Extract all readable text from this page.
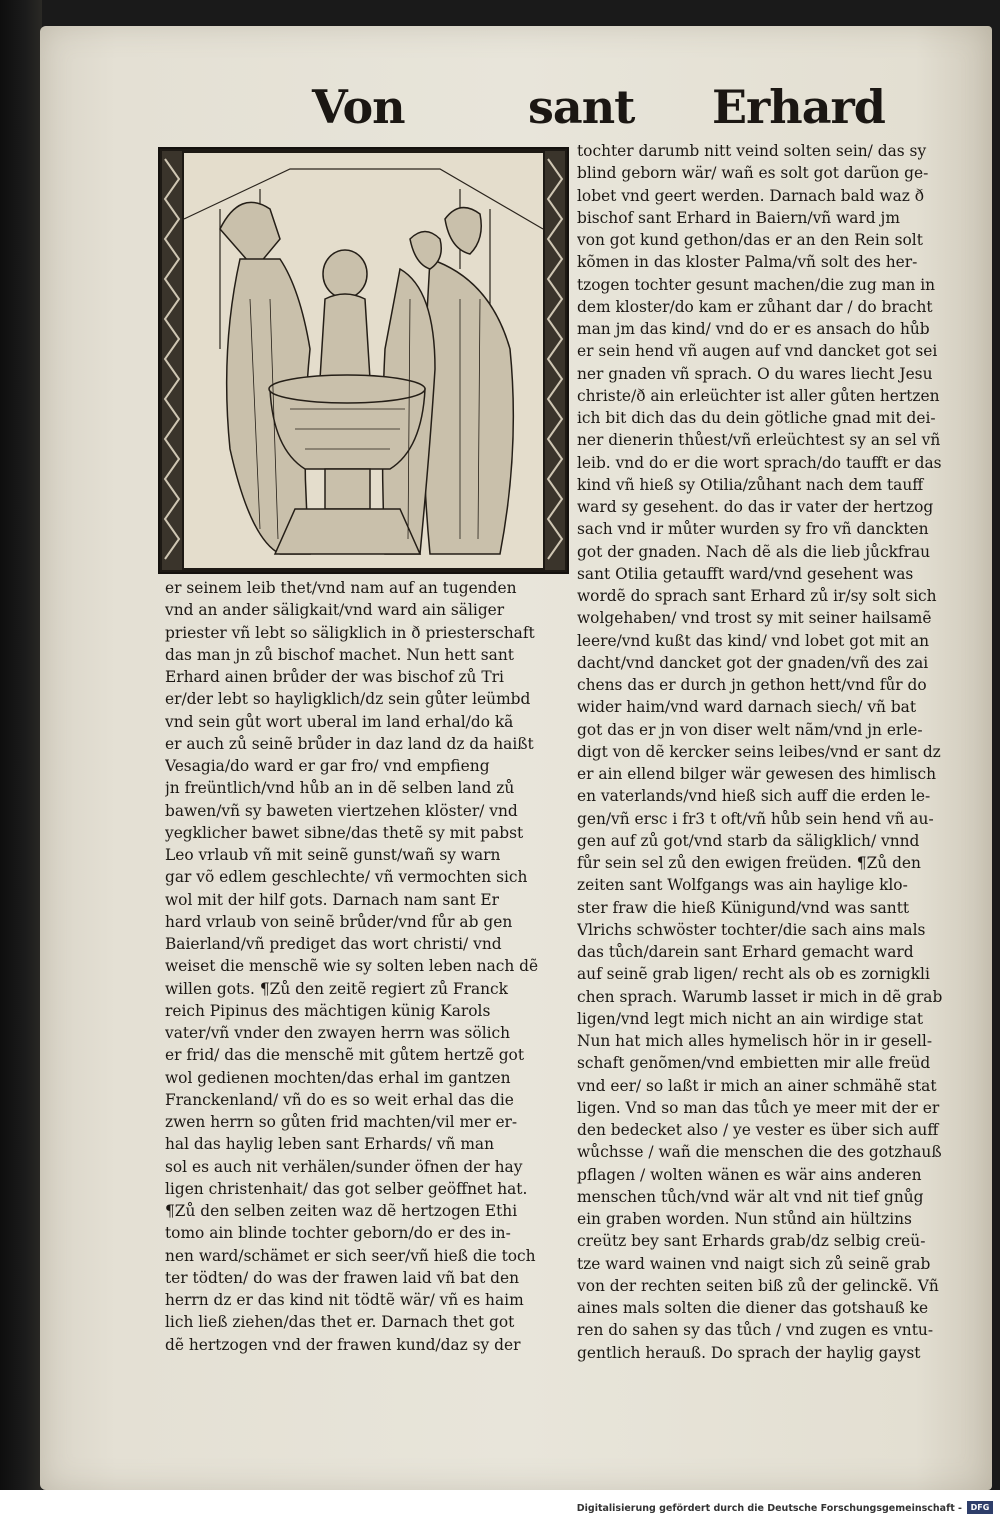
Von	sant Erhard
tochter darumb nitt veind solten sein/ das sy
blind geborn wär/ wañ es solt got darũon ge-
lobet vnd geert werden. Darnach bald waz ð
bischof sant Erhard in Baiern/vñ ward jm
von got kund gethon/das er an den Rein solt
kõmen in das kloster Palma/vñ solt des her-
tzogen tochter gesunt machen/die zug man in
dem kloster/do kam er zůhant dar / do bracht
man jm das kind/ vnd do er es ansach do hůb
er sein hend vñ augen auf vnd dancket got sei
ner gnaden vñ sprach. O du wares liecht Jesu
christe/ð ain erleüchter ist aller gůten hertzen
ich bit dich das du dein götliche gnad mit dei-
ner dienerin thůest/vñ erleüchtest sy an sel vñ
leib. vnd do er die wort sprach/do taufft er das
kind vñ hieß sy Otilia/zůhant nach dem tauff
ward sy gesehent. do das ir vater der hertzog
sach vnd ir můter wurden sy fro vñ danckten
got der gnaden. Nach dẽ als die lieb jůckfrau
sant Otilia getaufft ward/vnd gesehent was
wordẽ do sprach sant Erhard zů ir/sy solt sich
wolgehaben/ vnd trost sy mit seiner hailsamẽ
leere/vnd kußt das kind/ vnd lobet got mit an
dacht/vnd dancket got der gnaden/vñ des zai
chens das er durch jn gethon hett/vnd fůr do
wider haim/vnd ward darnach siech/ vñ bat
got das er jn von diser welt nãm/vnd jn erle-
digt von dẽ kercker seins leibes/vnd er sant dz
er ain ellend bilger wär gewesen des himlisch
en vaterlands/vnd hieß sich auff die erden le-
gen/vñ ersc i fr3 t oft/vñ hůb sein hend vñ au-
gen auf zů got/vnd starb da säligklich/ vnnd
fůr sein sel zů den ewigen freüden. ¶Zů den
zeiten sant Wolfgangs was ain haylige klo-
ster fraw die hieß Künigund/vnd was santt
Vlrichs schwöster tochter/die sach ains mals
das tůch/darein sant Erhard gemacht ward
auf seinẽ grab ligen/ recht als ob es zornigkli
chen sprach. Warumb lasset ir mich in dẽ grab
ligen/vnd legt mich nicht an ain wirdige stat
Nun hat mich alles hymelisch hör in ir gesell-
schaft genõmen/vnd embietten mir alle freüd
vnd eer/ so laßt ir mich an ainer schmähẽ stat
ligen. Vnd so man das tůch ye meer mit der er
den bedecket also / ye vester es über sich auff
wůchsse / wañ die menschen die des gotzhauß
pflagen / wolten wänen es wär ains anderen
menschen tůch/vnd wär alt vnd nit tief gnůg
ein graben worden. Nun stůnd ain hültzins
creütz bey sant Erhards grab/dz selbig creü-
tze ward wainen vnd naigt sich zů seinẽ grab
von der rechten seiten biß zů der gelinckẽ. Vñ
aines mals solten die diener das gotshauß ke
ren do sahen sy das tůch / vnd zugen es vntu-
gentlich herauß. Do sprach der haylig gayst
er seinem leib thet/vnd nam auf an tugenden
vnd an ander säligkait/vnd ward ain säliger
priester vñ lebt so säligklich in ð priesterschaft
das man jn zů bischof machet. Nun hett sant
Erhard ainen brůder der was bischof zů Tri
er/der lebt so hayligklich/dz sein gůter leümbd
vnd sein gůt wort uberal im land erhal/do kã
er auch zů seinẽ brůder in daz land dz da haißt
Vesagia/do ward er gar fro/ vnd empfieng
jn freüntlich/vnd hůb an in dẽ selben land zů
bawen/vñ sy baweten viertzehen klöster/ vnd
yegklicher bawet sibne/das thetẽ sy mit pabst
Leo vrlaub vñ mit seinẽ gunst/wañ sy warn
gar võ edlem geschlechte/ vñ vermochten sich
wol mit der hilf gots. Darnach nam sant Er
hard vrlaub von seinẽ brůder/vnd fůr ab gen
Baierland/vñ prediget das wort christi/ vnd
weiset die menschẽ wie sy solten leben nach dẽ
willen gots. ¶Zů den zeitẽ regiert zů Franck
reich Pipinus des mächtigen künig Karols
vater/vñ vnder den zwayen herrn was sölich
er frid/ das die menschẽ mit gůtem hertzẽ got
wol gedienen mochten/das erhal im gantzen
Franckenland/ vñ do es so weit erhal das die
zwen herrn so gůten frid machten/vil mer er-
hal das haylig leben sant Erhards/ vñ man
sol es auch nit verhälen/sunder öfnen der hay
ligen christenhait/ das got selber geöffnet hat.
¶Zů den selben zeiten waz dẽ hertzogen Ethi
tomo ain blinde tochter geborn/do er des in-
nen ward/schämet er sich seer/vñ hieß die toch
ter tödten/ do was der frawen laid vñ bat den
herrn dz er das kind nit tödtẽ wär/ vñ es haim
lich ließ ziehen/das thet er. Darnach thet got
dẽ hertzogen vnd der frawen kund/daz sy der
Digitalisierung gefördert durch die Deutsche Forschungsgemeinschaft -	DFG
